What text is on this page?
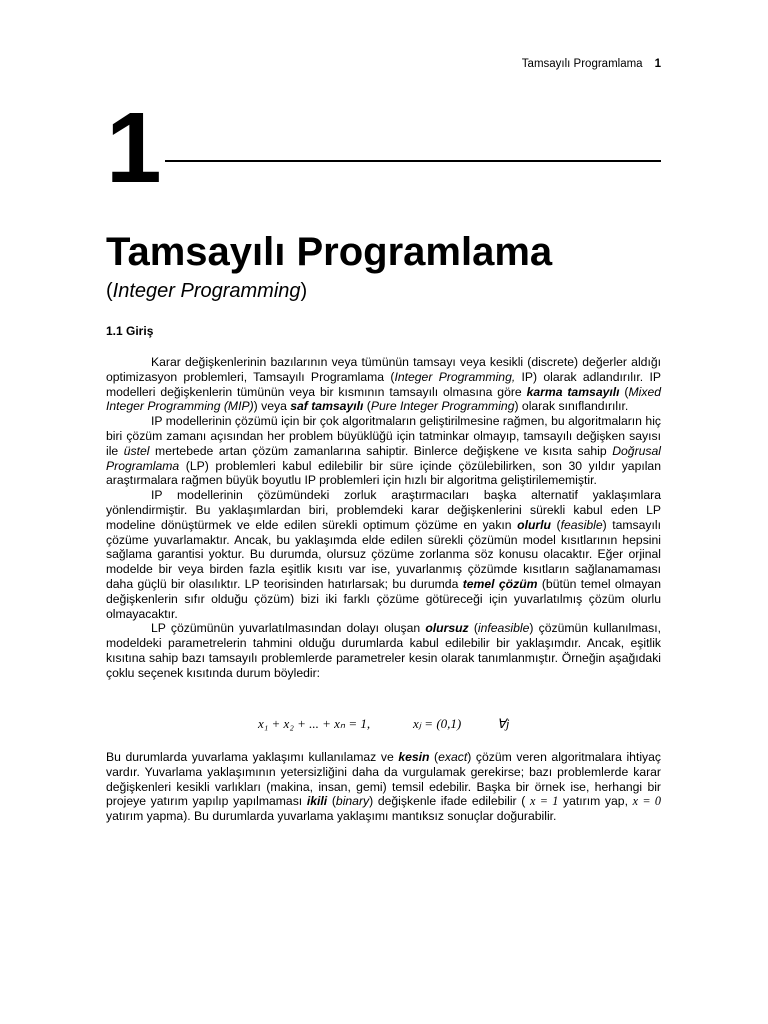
Tamsayılı Programlama 1
1
Tamsayılı Programlama
(Integer Programming)
1.1 Giriş

Karar değişkenlerinin bazılarının veya tümünün tamsayı veya kesikli (discrete) değerler aldığı optimizasyon problemleri, Tamsayılı Programlama (Integer Programming, IP) olarak adlandırılır. IP modelleri değişkenlerin tümünün veya bir kısmının tamsayılı olmasına göre karma tamsayılı (Mixed Integer Programming (MIP)) veya saf tamsayılı (Pure Integer Programming) olarak sınıflandırılır.

IP modellerinin çözümü için bir çok algoritmaların geliştirilmesine rağmen, bu algoritmaların hiç biri çözüm zamanı açısından her problem büyüklüğü için tatminkar olmayıp, tamsayılı değişken sayısı ile üstel mertebede artan çözüm zamanlarına sahiptir. Binlerce değişkene ve kısıta sahip Doğrusal Programlama (LP) problemleri kabul edilebilir bir süre içinde çözülebilirken, son 30 yıldır yapılan araştırmalara rağmen büyük boyutlu IP problemleri için hızlı bir algoritma geliştirilememiştir.

IP modellerinin çözümündeki zorluk araştırmacıları başka alternatif yaklaşımlara yönlendirmiştir. Bu yaklaşımlardan biri, problemdeki karar değişkenlerini sürekli kabul eden LP modeline dönüştürmek ve elde edilen sürekli optimum çözüme en yakın olurlu (feasible) tamsayılı çözüme yuvarlamaktır. Ancak, bu yaklaşımda elde edilen sürekli çözümün model kısıtlarının hepsini sağlama garantisi yoktur. Bu durumda, olursuz çözüme zorlanma söz konusu olacaktır. Eğer orjinal modelde bir veya birden fazla eşitlik kısıtı var ise, yuvarlanmış çözümde kısıtların sağlanamaması daha güçlü bir olasılıktır. LP teorisinden hatırlarsak; bu durumda temel çözüm (bütün temel olmayan değişkenlerin sıfır olduğu çözüm) bizi iki farklı çözüme götüreceği için yuvarlatılmış çözüm olurlu olmayacaktır.

LP çözümünün yuvarlatılmasından dolayı oluşan olursuz (infeasible) çözümün kullanılması, modeldeki parametrelerin tahmini olduğu durumlarda kabul edilebilir bir yaklaşımdır. Ancak, eşitlik kısıtına sahip bazı tamsayılı problemlerde parametreler kesin olarak tanımlanmıştır. Örneğin aşağıdaki çoklu seçenek kısıtında durum böyledir:

x₁ + x₂ + ... + xₙ = 1,	xⱼ = (0,1)	∀j

Bu durumlarda yuvarlama yaklaşımı kullanılamaz ve kesin (exact) çözüm veren algoritmalara ihtiyaç vardır. Yuvarlama yaklaşımının yetersizliğini daha da vurgulamak gerekirse; bazı problemlerde karar değişkenleri kesikli varlıkları (makina, insan, gemi) temsil edebilir. Başka bir örnek ise, herhangi bir projeye yatırım yapılıp yapılmaması ikili (binary) değişkenle ifade edilebilir ( x = 1 yatırım yap, x = 0 yatırım yapma). Bu durumlarda yuvarlama yaklaşımı mantıksız sonuçlar doğurabilir.
